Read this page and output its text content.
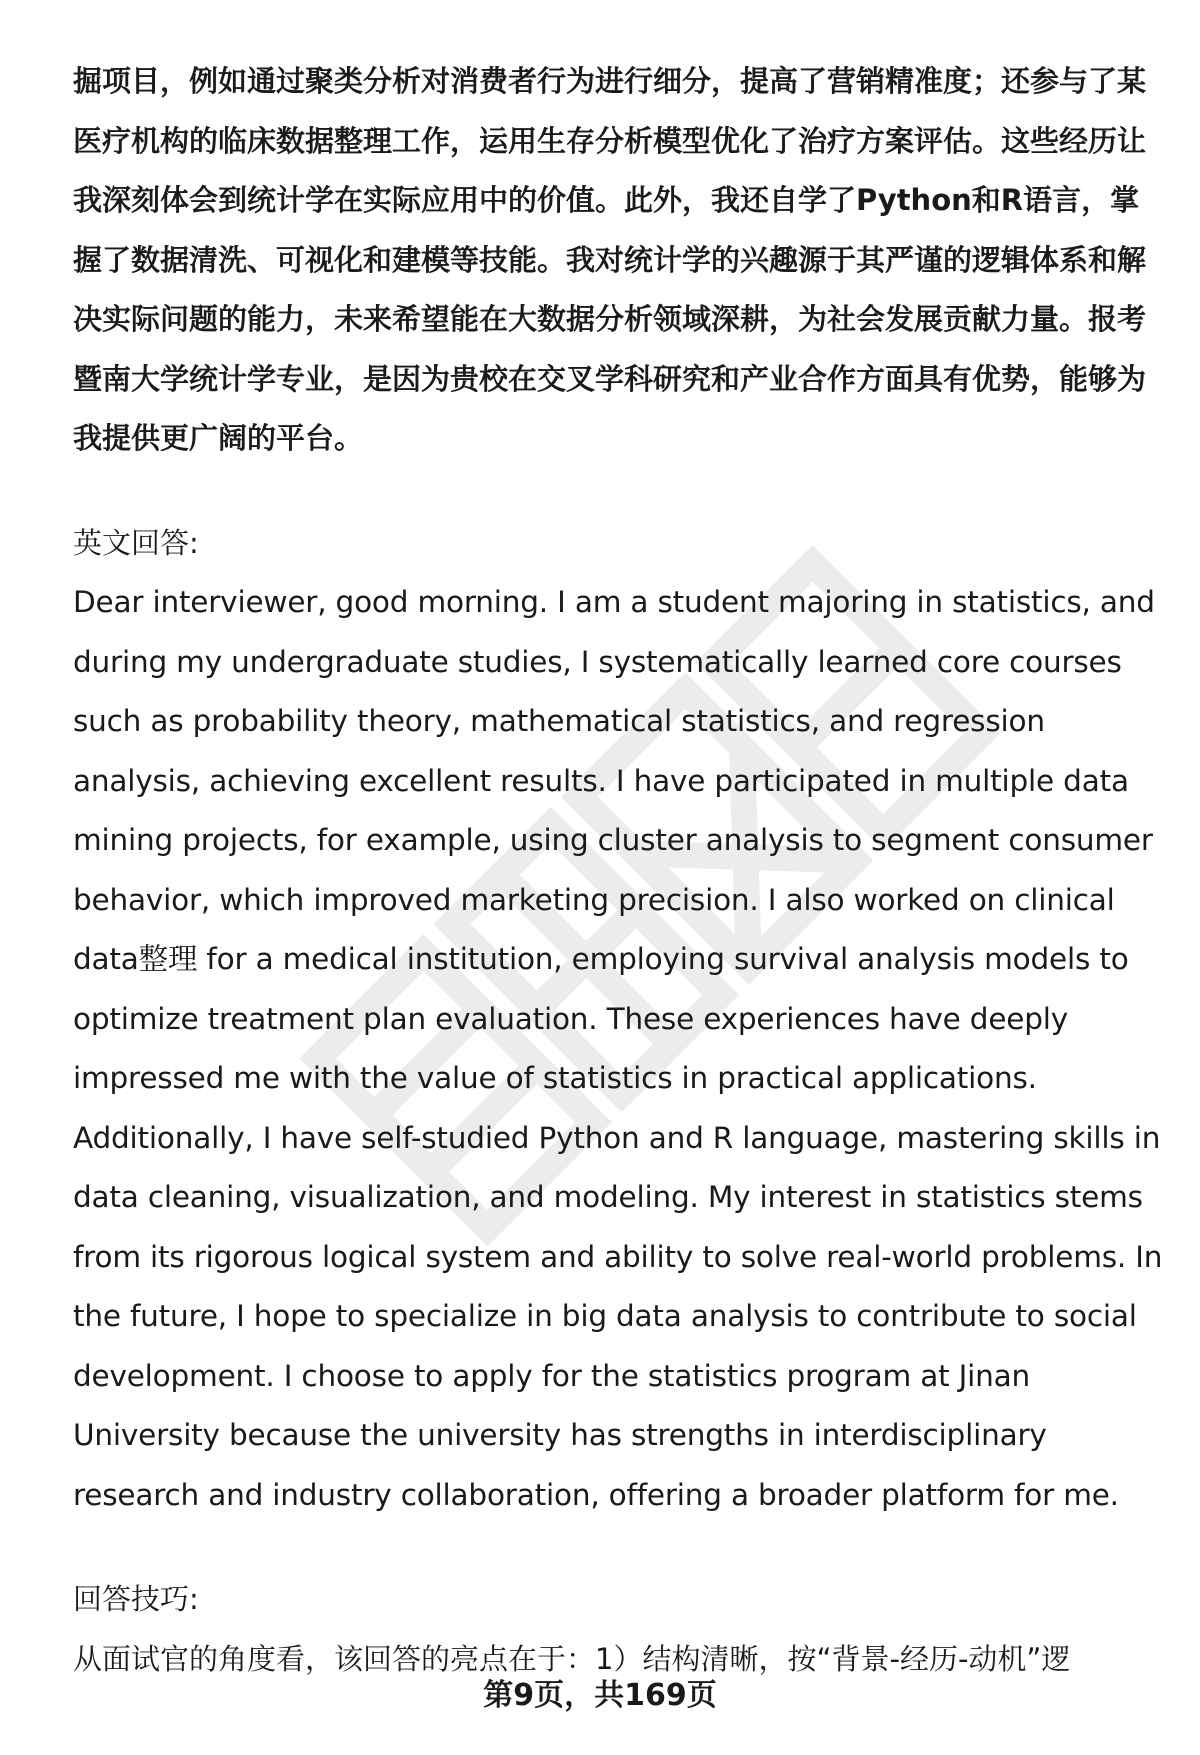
掘项目，例如通过聚类分析对消费者行为进行细分，提高了营销精准度；还参与了某医疗机构的临床数据整理工作，运用生存分析模型优化了治疗方案评估。这些经历让我深刻体会到统计学在实际应用中的价值。此外，我还自学了Python和R语言，掌握了数据清洗、可视化和建模等技能。我对统计学的兴趣源于其严谨的逻辑体系和解决实际问题的能力，未来希望能在大数据分析领域深耕，为社会发展贡献力量。报考暨南大学统计学专业，是因为贵校在交叉学科研究和产业合作方面具有优势，能够为我提供更广阔的平台。

英文回答:

Dear interviewer, good morning. I am a student majoring in statistics, and during my undergraduate studies, I systematically learned core courses such as probability theory, mathematical statistics, and regression analysis, achieving excellent results. I have participated in multiple data mining projects, for example, using cluster analysis to segment consumer behavior, which improved marketing precision. I also worked on clinical data整理 for a medical institution, employing survival analysis models to optimize treatment plan evaluation. These experiences have deeply impressed me with the value of statistics in practical applications. Additionally, I have self-studied Python and R language, mastering skills in data cleaning, visualization, and modeling. My interest in statistics stems from its rigorous logical system and ability to solve real-world problems. In the future, I hope to specialize in big data analysis to contribute to social development. I choose to apply for the statistics program at Jinan University because the university has strengths in interdisciplinary research and industry collaboration, offering a broader platform for me.

回答技巧:

从面试官的角度看，该回答的亮点在于：1）结构清晰，按“背景-经历-动机”逻

第9页，共169页
